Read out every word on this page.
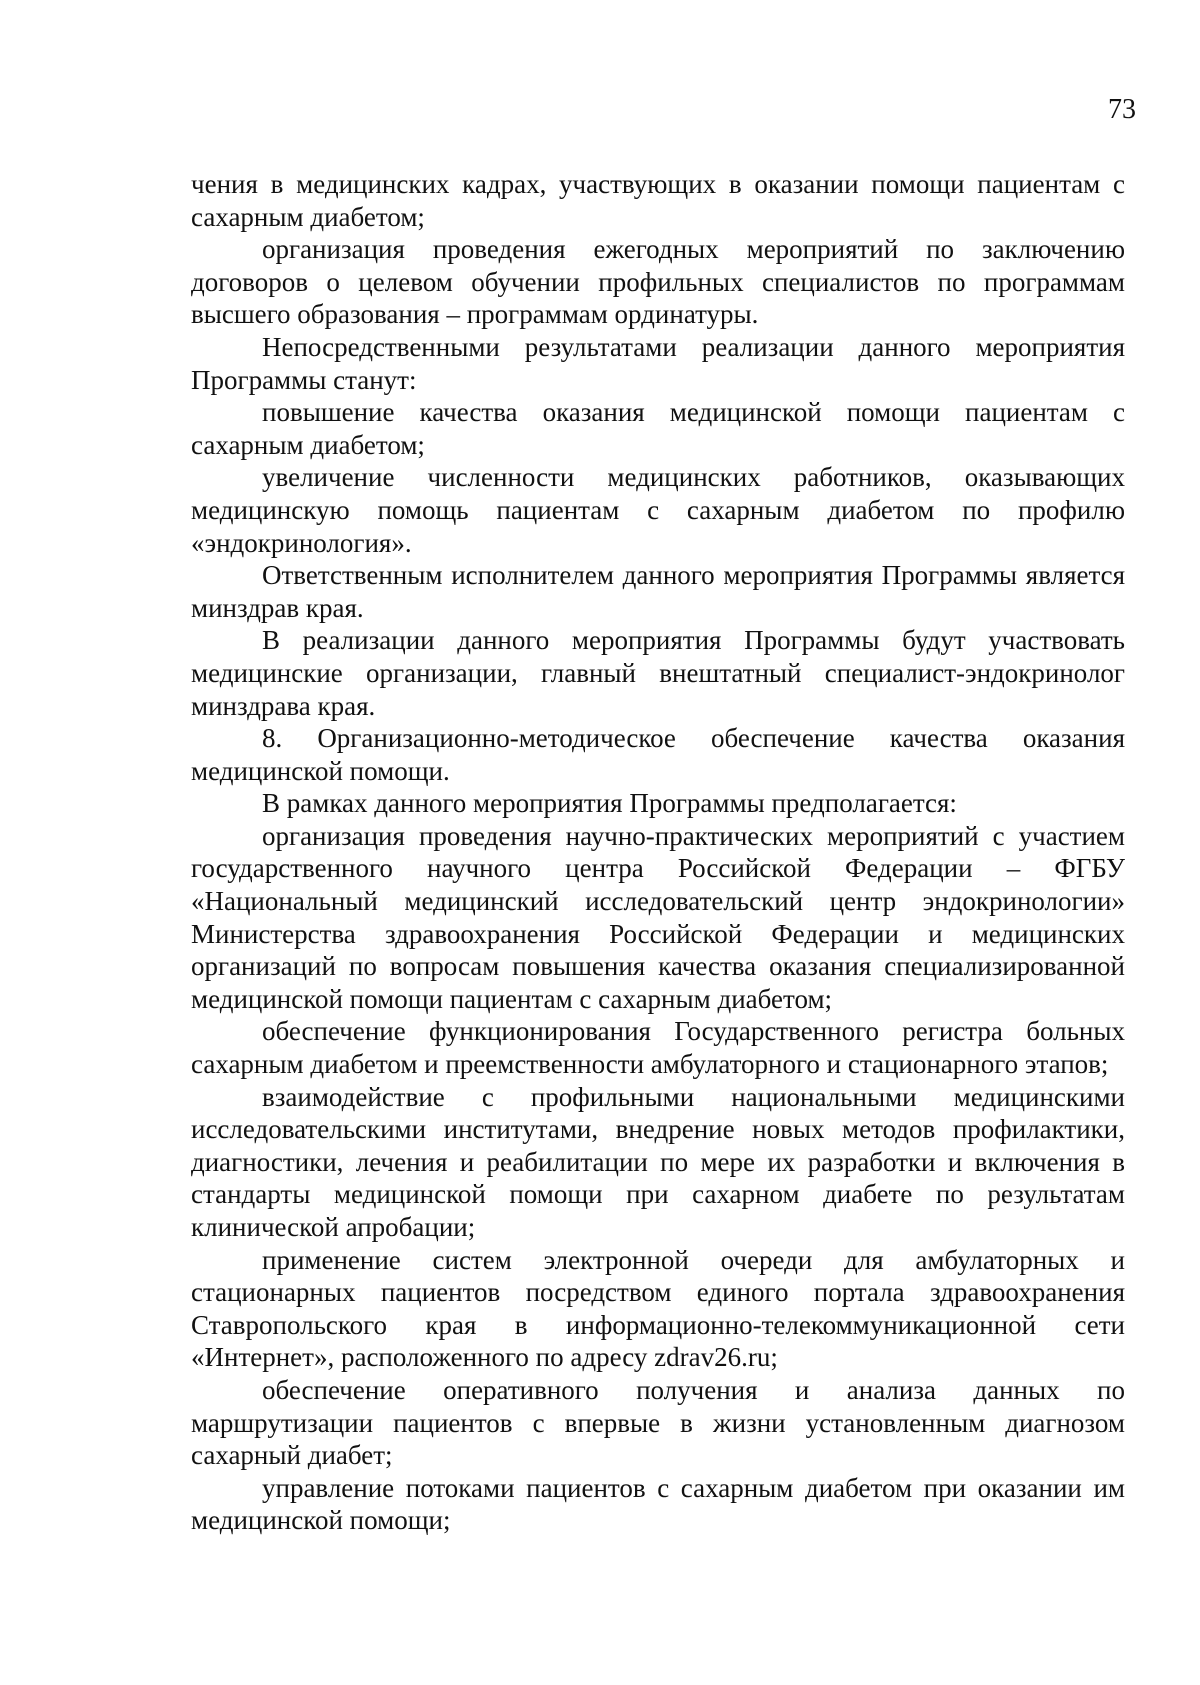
73

чения в медицинских кадрах, участвующих в оказании помощи пациентам с сахарным диабетом;

организация проведения ежегодных мероприятий по заключению договоров о целевом обучении профильных специалистов по программам высшего образования – программам ординатуры.

Непосредственными результатами реализации данного мероприятия Программы станут:

повышение качества оказания медицинской помощи пациентам с сахарным диабетом;

увеличение численности медицинских работников, оказывающих медицинскую помощь пациентам с сахарным диабетом по профилю «эндокринология».

Ответственным исполнителем данного мероприятия Программы является минздрав края.

В реализации данного мероприятия Программы будут участвовать медицинские организации, главный внештатный специалист-эндокринолог минздрава края.

8. Организационно-методическое обеспечение качества оказания медицинской помощи.

В рамках данного мероприятия Программы предполагается:

организация проведения научно-практических мероприятий с участием государственного научного центра Российской Федерации – ФГБУ «Национальный медицинский исследовательский центр эндокринологии» Министерства здравоохранения Российской Федерации и медицинских организаций по вопросам повышения качества оказания специализированной медицинской помощи пациентам с сахарным диабетом;

обеспечение функционирования Государственного регистра больных сахарным диабетом и преемственности амбулаторного и стационарного этапов;

взаимодействие с профильными национальными медицинскими исследовательскими институтами, внедрение новых методов профилактики, диагностики, лечения и реабилитации по мере их разработки и включения в стандарты медицинской помощи при сахарном диабете по результатам клинической апробации;

применение систем электронной очереди для амбулаторных и стационарных пациентов посредством единого портала здравоохранения Ставропольского края в информационно-телекоммуникационной сети «Интернет», расположенного по адресу zdrav26.ru;

обеспечение оперативного получения и анализа данных по маршрутизации пациентов с впервые в жизни установленным диагнозом сахарный диабет;

управление потоками пациентов с сахарным диабетом при оказании им медицинской помощи;
